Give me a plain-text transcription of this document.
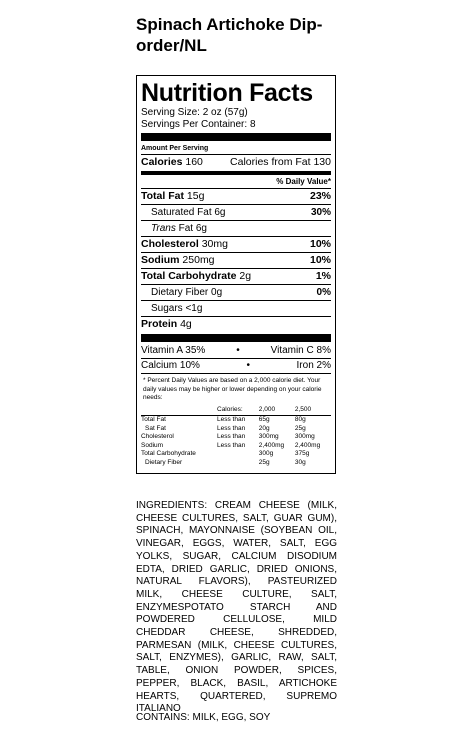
Spinach Artichoke Dip-order/NL
Nutrition Facts
Serving Size: 2 oz (57g)
Servings Per Container: 8
Amount Per Serving
Calories 160	Calories from Fat 130
% Daily Value*
Total Fat 15g	23%
Saturated Fat 6g	30%
Trans Fat 6g
Cholesterol 30mg	10%
Sodium 250mg	10%
Total Carbohydrate 2g	1%
Dietary Fiber 0g	0%
Sugars <1g
Protein 4g
Vitamin A 35%	•	Vitamin C 8%
Calcium 10%	•	Iron 2%
* Percent Daily Values are based on a 2,000 calorie diet. Your daily values may be higher or lower depending on your calorie needs:
	Calories:	2,000	2,500
Total Fat	Less than	65g	80g
Sat Fat	Less than	20g	25g
Cholesterol	Less than	300mg	300mg
Sodium	Less than	2,400mg	2,400mg
Total Carbohydrate		300g	375g
Dietary Fiber		25g	30g
INGREDIENTS: CREAM CHEESE (MILK, CHEESE CULTURES, SALT, GUAR GUM), SPINACH, MAYONNAISE (SOYBEAN OIL, VINEGAR, EGGS, WATER, SALT, EGG YOLKS, SUGAR, CALCIUM DISODIUM EDTA, DRIED GARLIC, DRIED ONIONS, NATURAL FLAVORS), PASTEURIZED MILK, CHEESE CULTURE, SALT, ENZYMESPOTATO STARCH AND POWDERED CELLULOSE, MILD CHEDDAR CHEESE, SHREDDED, PARMESAN (MILK, CHEESE CULTURES, SALT, ENZYMES), GARLIC, RAW, SALT, TABLE, ONION POWDER, SPICES, PEPPER, BLACK, BASIL, ARTICHOKE HEARTS, QUARTERED, SUPREMO ITALIANO
CONTAINS: MILK, EGG, SOY
